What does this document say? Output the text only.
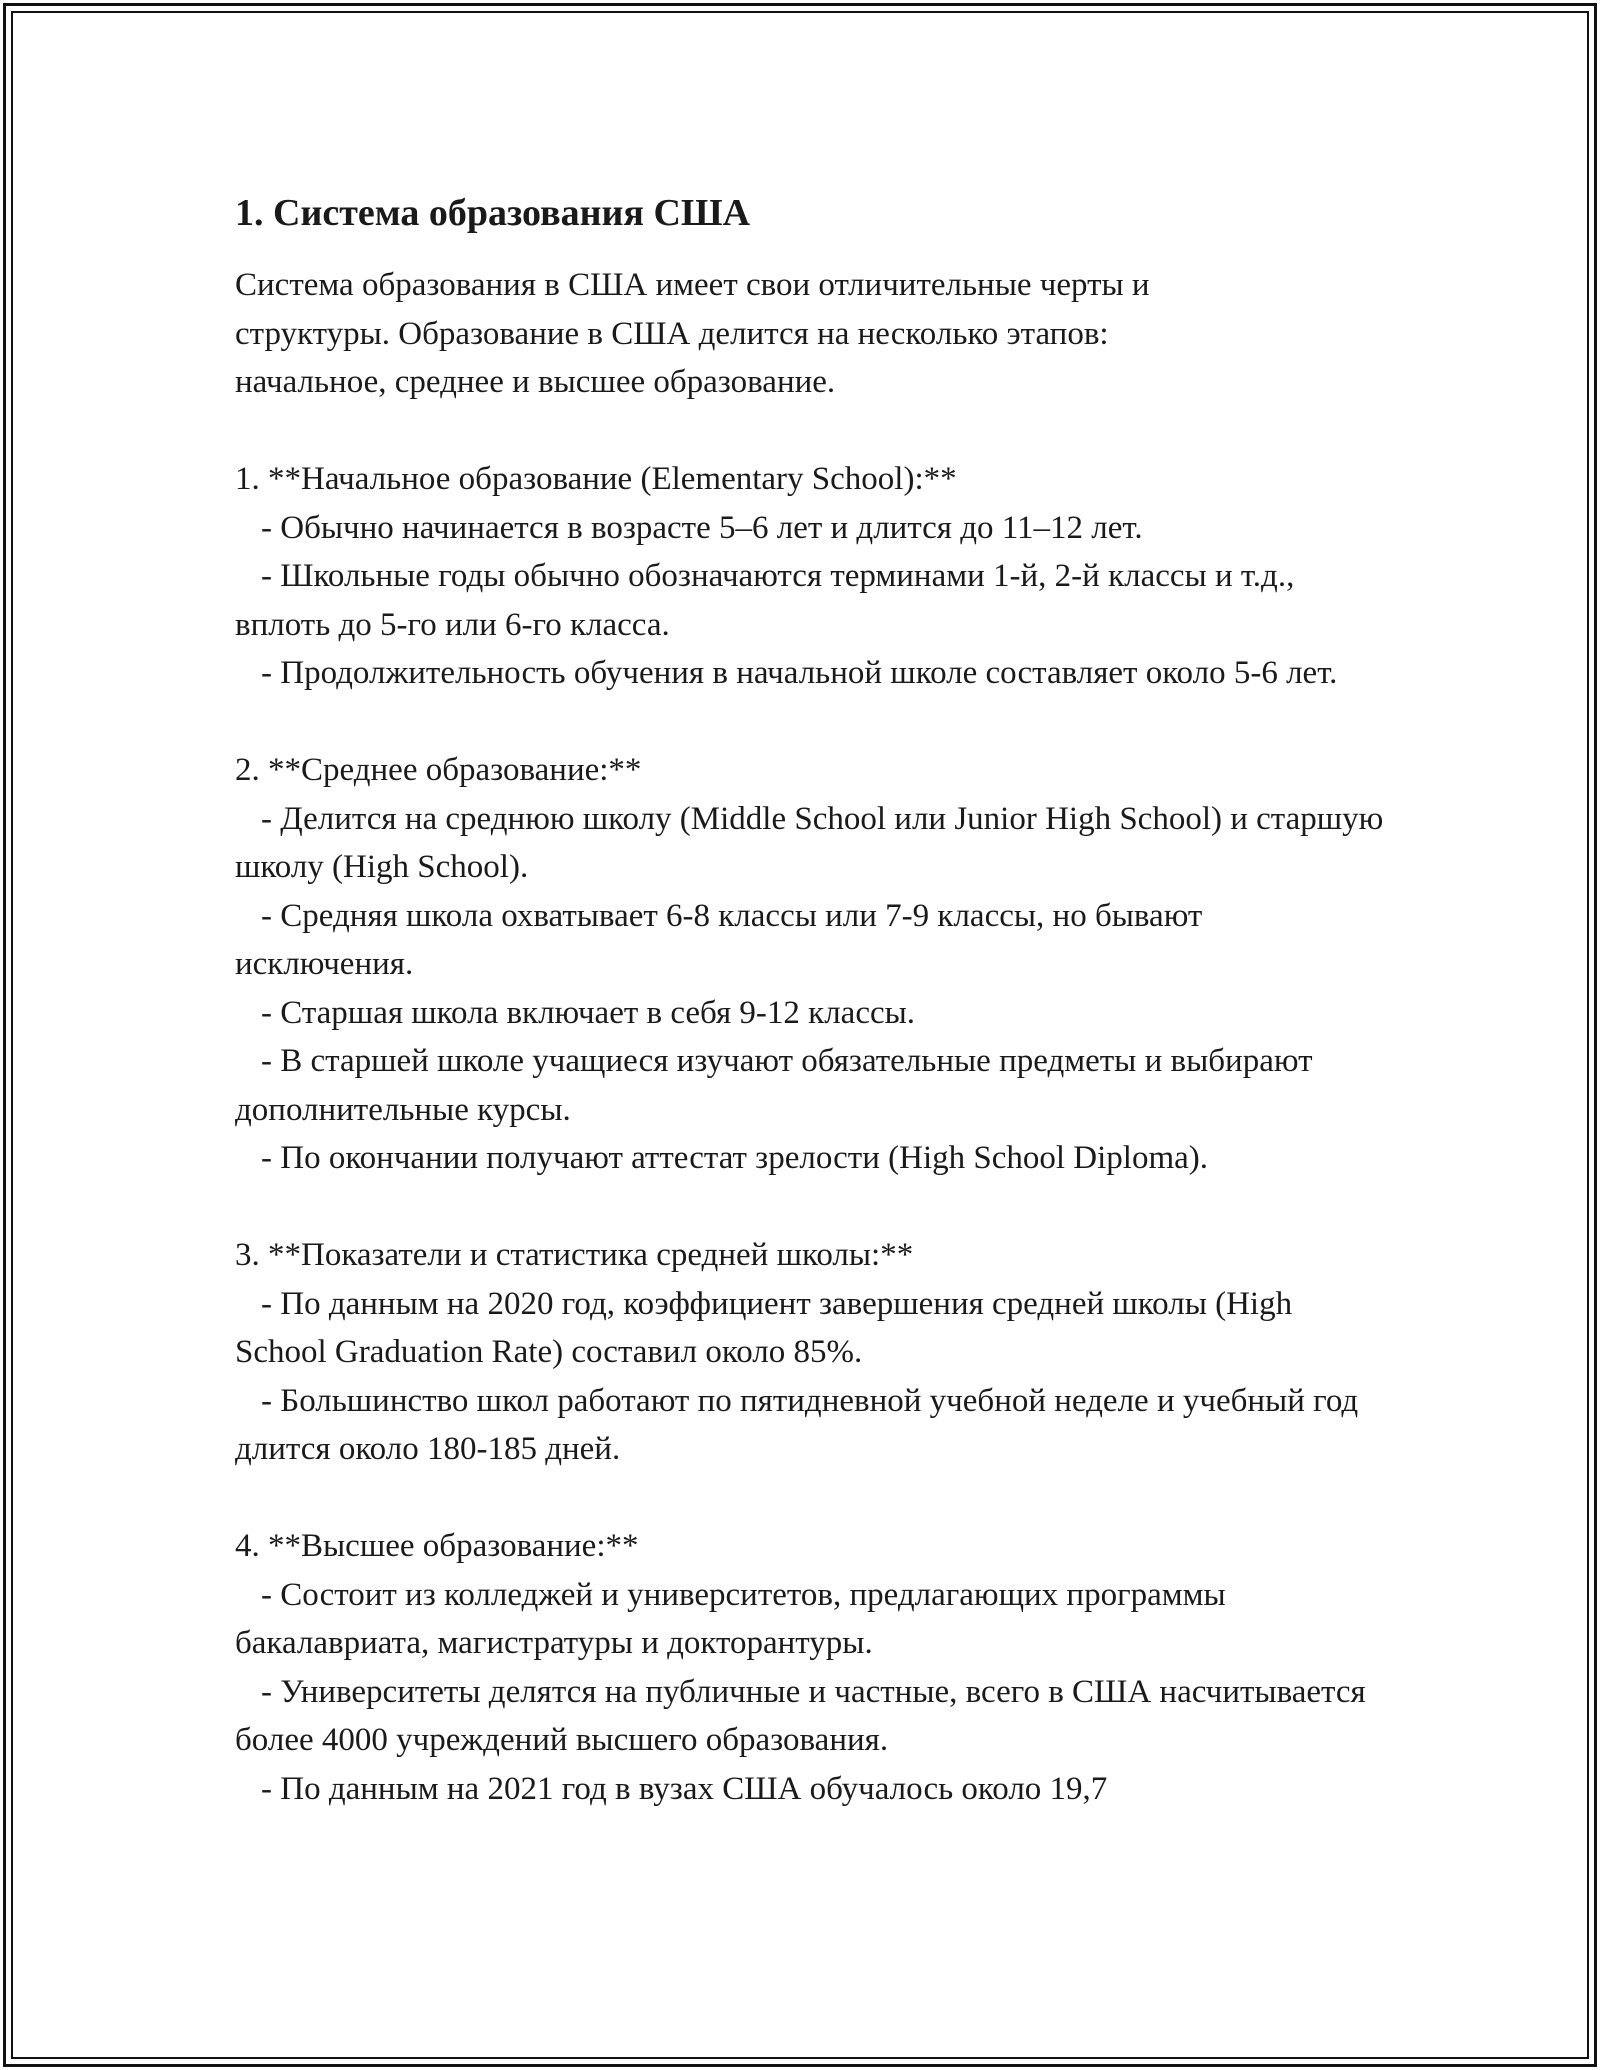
1. Система образования США

Система образования в США имеет свои отличительные черты и
структуры. Образование в США делится на несколько этапов:
начальное, среднее и высшее образование.

1. **Начальное образование (Elementary School):**

- Обычно начинается в возрасте 5–6 лет и длится до 11–12 лет.

- Школьные годы обычно обозначаются терминами 1-й, 2-й классы и т.д., вплоть до 5-го или 6-го класса.

- Продолжительность обучения в начальной школе составляет около 5-6 лет.

2. **Среднее образование:**

- Делится на среднюю школу (Middle School или Junior High School) и старшую школу (High School).

- Средняя школа охватывает 6-8 классы или 7-9 классы, но бывают исключения.

- Старшая школа включает в себя 9-12 классы.

- В старшей школе учащиеся изучают обязательные предметы и выбирают дополнительные курсы.

- По окончании получают аттестат зрелости (High School Diploma).

3. **Показатели и статистика средней школы:**

- По данным на 2020 год, коэффициент завершения средней школы (High School Graduation Rate) составил около 85%.

- Большинство школ работают по пятидневной учебной неделе и учебный год длится около 180-185 дней.

4. **Высшее образование:**

- Состоит из колледжей и университетов, предлагающих программы бакалавриата, магистратуры и докторантуры.

- Университеты делятся на публичные и частные, всего в США насчитывается более 4000 учреждений высшего образования.

- По данным на 2021 год в вузах США обучалось около 19,7
